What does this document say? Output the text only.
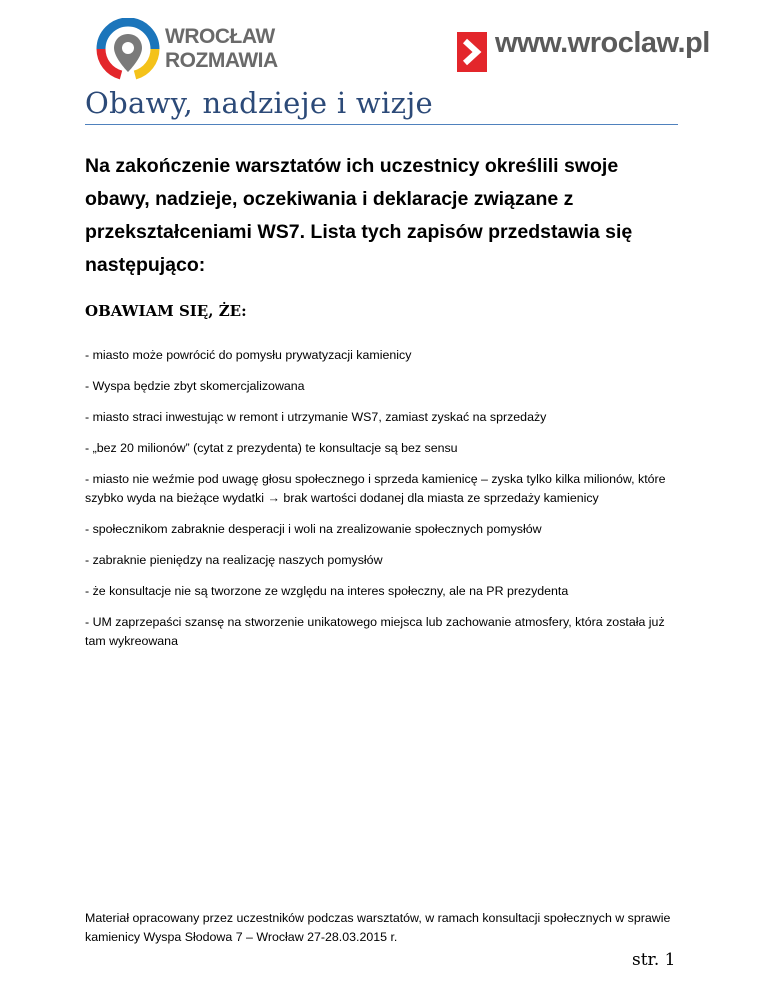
WROCŁAW
ROZMAWIA
www.wroclaw.pl
Obawy, nadzieje i wizje

Na zakończenie warsztatów ich uczestnicy określili swoje obawy, nadzieje, oczekiwania i deklaracje związane z przekształceniami WS7. Lista tych zapisów przedstawia się następująco:

OBAWIAM SIĘ, ŻE:
- miasto może powrócić do pomysłu prywatyzacji kamienicy
- Wyspa będzie zbyt skomercjalizowana
- miasto straci inwestując w remont i utrzymanie WS7, zamiast zyskać na sprzedaży
- „bez 20 milionów” (cytat z prezydenta) te konsultacje są bez sensu
- miasto nie weźmie pod uwagę głosu społecznego i sprzeda kamienicę – zyska tylko kilka milionów, które szybko wyda na bieżące wydatki → brak wartości dodanej dla miasta ze sprzedaży kamienicy
- społecznikom zabraknie desperacji i woli na zrealizowanie społecznych pomysłów
- zabraknie pieniędzy na realizację naszych pomysłów
- że konsultacje nie są tworzone ze względu na interes społeczny, ale na PR prezydenta
- UM zaprzepaści szansę na stworzenie unikatowego miejsca lub zachowanie atmosfery, która została już tam wykreowana

Materiał opracowany przez uczestników podczas warsztatów, w ramach konsultacji społecznych w sprawie kamienicy Wyspa Słodowa 7 – Wrocław 27-28.03.2015 r.

str. 1
